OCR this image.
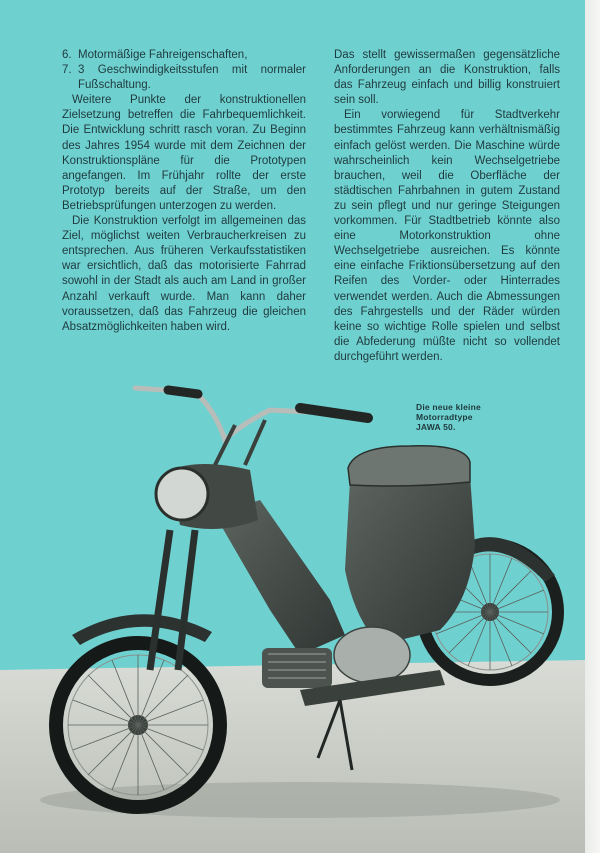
6. Motormäßige Fahreigenschaften,
7. 3 Geschwindigkeitsstufen mit normaler Fußschaltung.

Weitere Punkte der konstruktionellen Zielsetzung betreffen die Fahrbequemlichkeit. Die Entwicklung schritt rasch voran. Zu Beginn des Jahres 1954 wurde mit dem Zeichnen der Konstruktionspläne für die Prototypen angefangen. Im Frühjahr rollte der erste Prototyp bereits auf der Straße, um den Betriebsprüfungen unterzogen zu werden.

Die Konstruktion verfolgt im allgemeinen das Ziel, möglichst weiten Verbraucherkreisen zu entsprechen. Aus früheren Verkaufsstatistiken war ersichtlich, daß das motorisierte Fahrrad sowohl in der Stadt als auch am Land in großer Anzahl verkauft wurde. Man kann daher voraussetzen, daß das Fahrzeug die gleichen Absatzmöglichkeiten haben wird.

Das stellt gewissermaßen gegensätzliche Anforderungen an die Konstruktion, falls das Fahrzeug einfach und billig konstruiert sein soll.

Ein vorwiegend für Stadtverkehr bestimmtes Fahrzeug kann verhältnismäßig einfach gelöst werden. Die Maschine würde wahrscheinlich kein Wechselgetriebe brauchen, weil die Oberfläche der städtischen Fahrbahnen in gutem Zustand zu sein pflegt und nur geringe Steigungen vorkommen. Für Stadtbetrieb könnte also eine Motorkonstruktion ohne Wechselgetriebe ausreichen. Es könnte eine einfache Friktionsübersetzung auf den Reifen des Vorder- oder Hinterrades verwendet werden. Auch die Abmessungen des Fahrgestells und der Räder würden keine so wichtige Rolle spielen und selbst die Abfederung müßte nicht so vollendet durchgeführt werden.

Die neue kleine Motorradtype
JAWA 50.
